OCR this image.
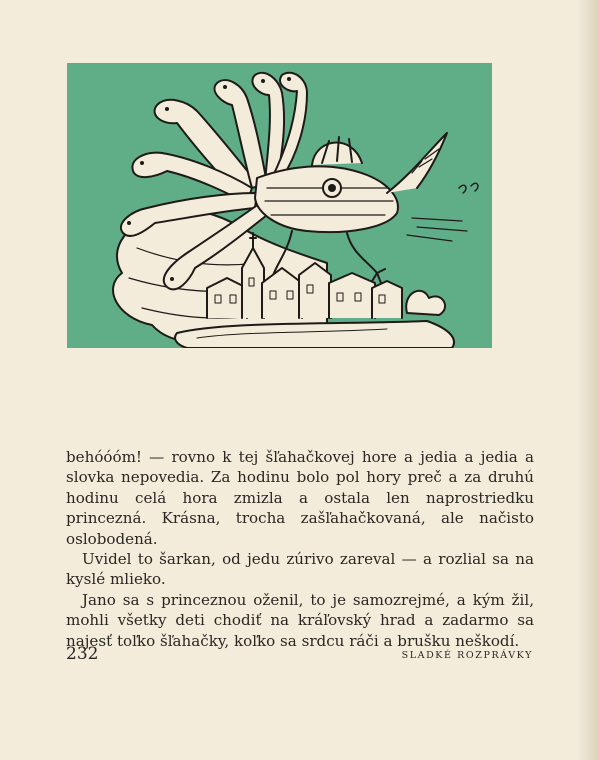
behóóóm! — rovno k tej šľahačkovej hore a jedia a jedia a slovka nepovedia. Za hodinu bolo pol hory preč a za druhú hodinu celá hora zmizla a ostala len naprostriedku princezná. Krásna, trocha zašľahačkovaná, ale načisto oslobodená.

Uvidel to šarkan, od jedu zúrivo zareval — a rozlial sa na kyslé mlieko.

Jano sa s princeznou oženil, to je samozrejmé, a kým žil, mohli všetky deti chodiť na kráľovský hrad a zadarmo sa najesť toľko šľahačky, koľko sa srdcu ráči a brušku neškodí.

232	SLADKÉ ROZPRÁVKY
